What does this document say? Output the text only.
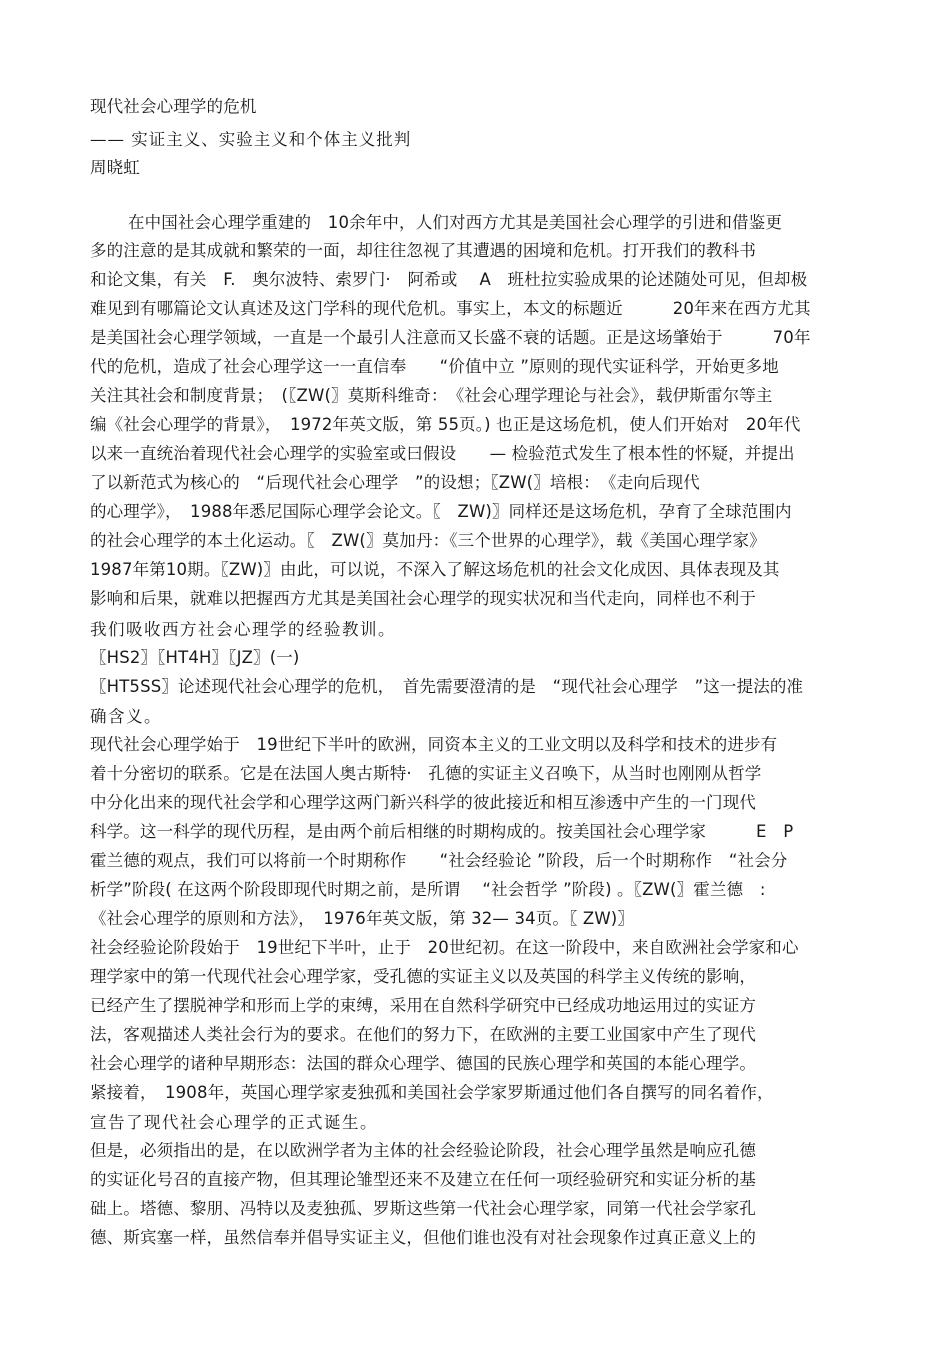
现代社会心理学的危机
—— 实证主义、实验主义和个体主义批判
周晓虹
在中国社会心理学重建的　10余年中，人们对西方尤其是美国社会心理学的引进和借鉴更
多的注意的是其成就和繁荣的一面，却往往忽视了其遭遇的困境和危机。打开我们的教科书
和论文集，有关　F.　奥尔波特、索罗门·　阿希或　 A　班杜拉实验成果的论述随处可见，但却极
难见到有哪篇论文认真述及这门学科的现代危机。事实上，本文的标题近　　　20年来在西方尤其
是美国社会心理学领域，一直是一个最引人注意而又长盛不衰的话题。正是这场肇始于　　　70年
代的危机，造成了社会心理学这一一直信奉　　“价值中立 ”原则的现代实证科学，开始更多地
关注其社会和制度背景；　(〖ZW(〗莫斯科维奇：　《社会心理学理论与社会》，载伊斯雷尔等主
编《社会心理学的背景》，　1972年英文版，第 55页。) 也正是这场危机，使人们开始对　20年代
以来一直统治着现代社会心理学的实验室或曰假设　　— 检验范式发生了根本性的怀疑，并提出
了以新范式为核心的　“后现代社会心理学　”的设想；〖ZW(〗培根：　《走向后现代
的心理学》，　1988年悉尼国际心理学会论文。〖　ZW)〗同样还是这场危机，孕育了全球范围内
的社会心理学的本土化运动。〖　ZW(〗莫加丹：《三个世界的心理学》，载《美国心理学家》
1987年第10期。〖ZW)〗由此，可以说，不深入了解这场危机的社会文化成因、具体表现及其
影响和后果，就难以把握西方尤其是美国社会心理学的现实状况和当代走向，同样也不利于
我们吸收西方社会心理学的经验教训。
〖HS2〗〖HT4H〗〖JZ〗(一)
〖HT5SS〗论述现代社会心理学的危机，　首先需要澄清的是　“现代社会心理学　”这一提法的准
确含义。
现代社会心理学始于　19世纪下半叶的欧洲，同资本主义的工业文明以及科学和技术的进步有
着十分密切的联系。它是在法国人奥古斯特·　孔德的实证主义召唤下，从当时也刚刚从哲学
中分化出来的现代社会学和心理学这两门新兴科学的彼此接近和相互渗透中产生的一门现代
科学。这一科学的现代历程，是由两个前后相继的时期构成的。按美国社会心理学家　　　E　P
霍兰德的观点，我们可以将前一个时期称作　　“社会经验论 ”阶段，后一个时期称作　“社会分
析学”阶段( 在这两个阶段即现代时期之前，是所谓　 “社会哲学 ”阶段) 。〖ZW(〗霍兰德　:
《社会心理学的原则和方法》，　1976年英文版，第 32— 34页。〖 ZW)〗
社会经验论阶段始于　19世纪下半叶，止于　20世纪初。在这一阶段中，来自欧洲社会学家和心
理学家中的第一代现代社会心理学家，受孔德的实证主义以及英国的科学主义传统的影响，
已经产生了摆脱神学和形而上学的束缚，采用在自然科学研究中已经成功地运用过的实证方
法，客观描述人类社会行为的要求。在他们的努力下，在欧洲的主要工业国家中产生了现代
社会心理学的诸种早期形态：法国的群众心理学、德国的民族心理学和英国的本能心理学。
紧接着，　1908年，英国心理学家麦独孤和美国社会学家罗斯通过他们各自撰写的同名着作，
宣告了现代社会心理学的正式诞生。
但是，必须指出的是，在以欧洲学者为主体的社会经验论阶段，社会心理学虽然是响应孔德
的实证化号召的直接产物，但其理论雏型还来不及建立在任何一项经验研究和实证分析的基
础上。塔德、黎朋、冯特以及麦独孤、罗斯这些第一代社会心理学家，同第一代社会学家孔
德、斯宾塞一样，虽然信奉并倡导实证主义，但他们谁也没有对社会现象作过真正意义上的
